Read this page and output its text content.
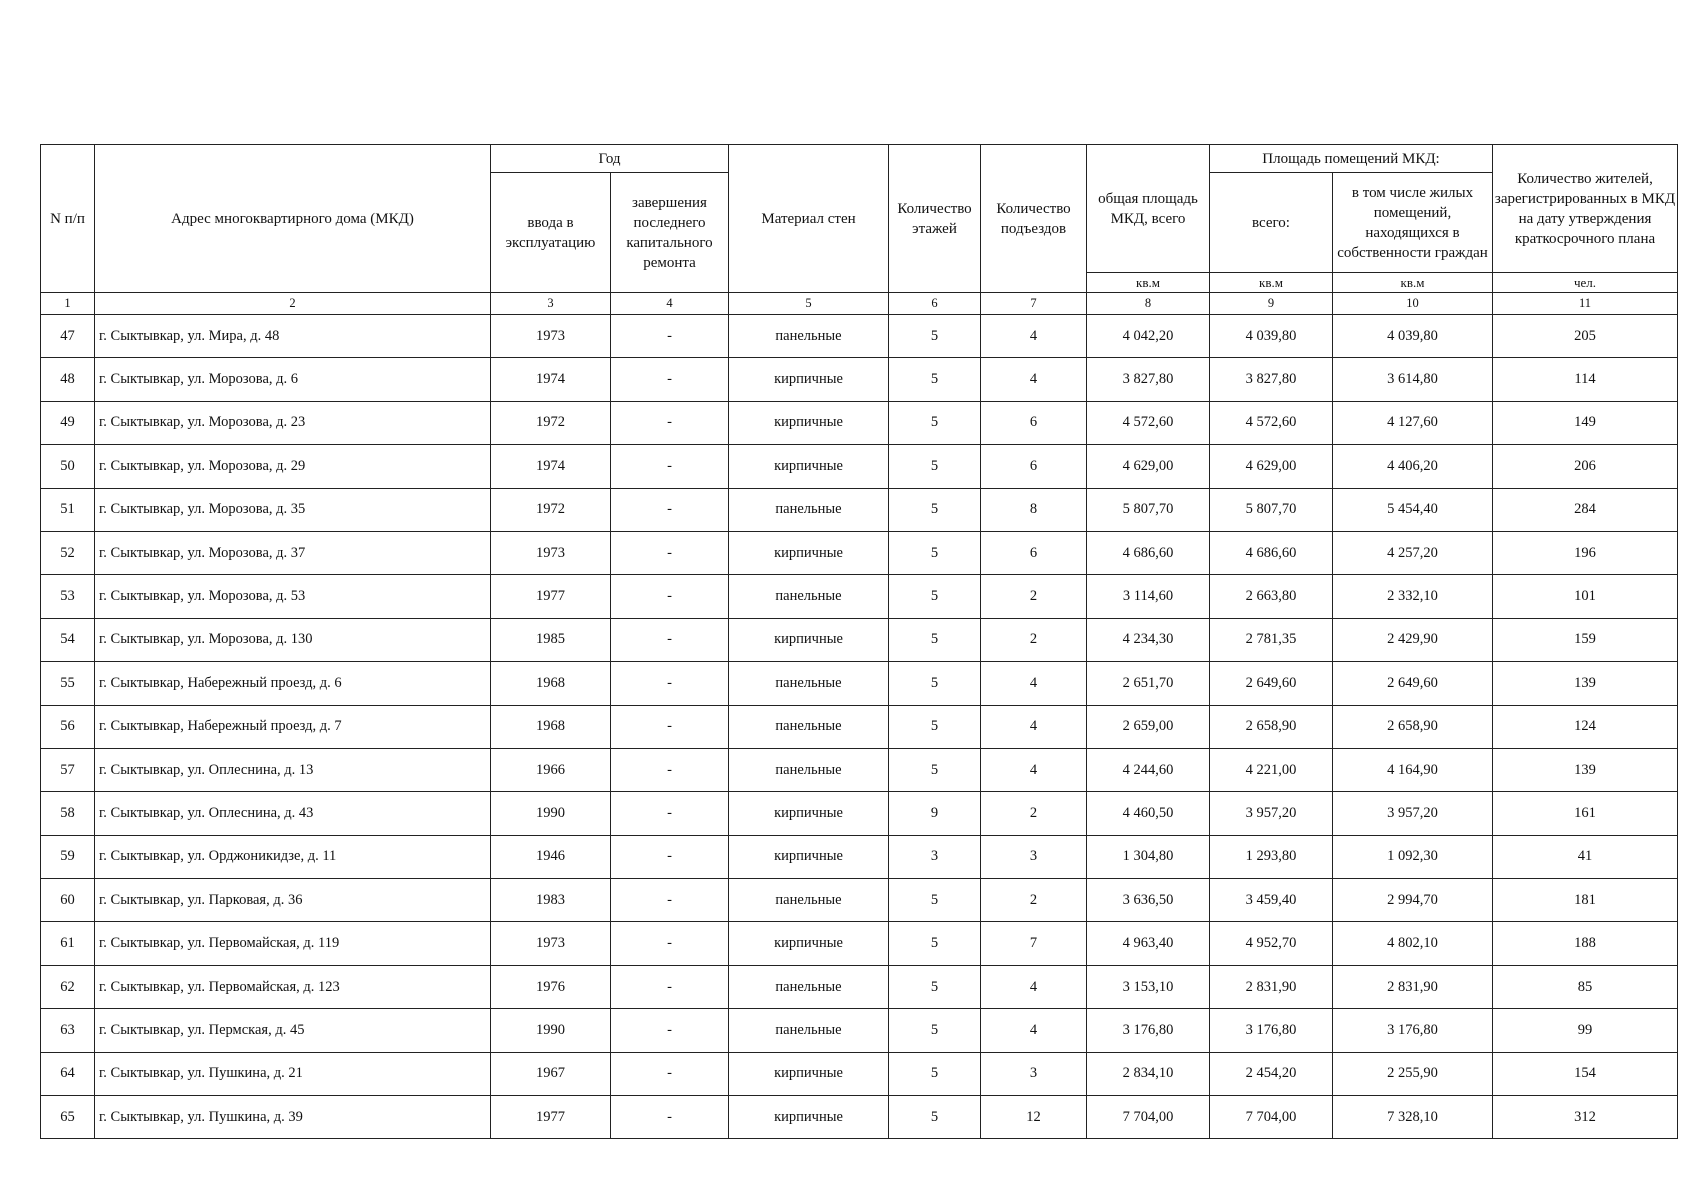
N п/п	Адрес многоквартирного дома (МКД)	Год		Материал стен	Количество этажей	Количество подъездов	общая площадь МКД, всего	Площадь помещений МКД:		Количество жителей, зарегистрированных в МКД на дату утверждения краткосрочного плана
		ввода в эксплуатацию	завершения последнего капитального ремонта					всего:	в том числе жилых помещений, находящихся в собственности граждан	
							кв.м	кв.м	кв.м	чел.
1	2	3	4	5	6	7	8	9	10	11
47	г. Сыктывкар, ул. Мира, д. 48	1973	-	панельные	5	4	4 042,20	4 039,80	4 039,80	205
48	г. Сыктывкар, ул. Морозова, д. 6	1974	-	кирпичные	5	4	3 827,80	3 827,80	3 614,80	114
49	г. Сыктывкар, ул. Морозова, д. 23	1972	-	кирпичные	5	6	4 572,60	4 572,60	4 127,60	149
50	г. Сыктывкар, ул. Морозова, д. 29	1974	-	кирпичные	5	6	4 629,00	4 629,00	4 406,20	206
51	г. Сыктывкар, ул. Морозова, д. 35	1972	-	панельные	5	8	5 807,70	5 807,70	5 454,40	284
52	г. Сыктывкар, ул. Морозова, д. 37	1973	-	кирпичные	5	6	4 686,60	4 686,60	4 257,20	196
53	г. Сыктывкар, ул. Морозова, д. 53	1977	-	панельные	5	2	3 114,60	2 663,80	2 332,10	101
54	г. Сыктывкар, ул. Морозова, д. 130	1985	-	кирпичные	5	2	4 234,30	2 781,35	2 429,90	159
55	г. Сыктывкар, Набережный проезд, д. 6	1968	-	панельные	5	4	2 651,70	2 649,60	2 649,60	139
56	г. Сыктывкар, Набережный проезд, д. 7	1968	-	панельные	5	4	2 659,00	2 658,90	2 658,90	124
57	г. Сыктывкар, ул. Оплеснина, д. 13	1966	-	панельные	5	4	4 244,60	4 221,00	4 164,90	139
58	г. Сыктывкар, ул. Оплеснина, д. 43	1990	-	кирпичные	9	2	4 460,50	3 957,20	3 957,20	161
59	г. Сыктывкар, ул. Орджоникидзе, д. 11	1946	-	кирпичные	3	3	1 304,80	1 293,80	1 092,30	41
60	г. Сыктывкар, ул. Парковая, д. 36	1983	-	панельные	5	2	3 636,50	3 459,40	2 994,70	181
61	г. Сыктывкар, ул. Первомайская, д. 119	1973	-	кирпичные	5	7	4 963,40	4 952,70	4 802,10	188
62	г. Сыктывкар, ул. Первомайская, д. 123	1976	-	панельные	5	4	3 153,10	2 831,90	2 831,90	85
63	г. Сыктывкар, ул. Пермская, д. 45	1990	-	панельные	5	4	3 176,80	3 176,80	3 176,80	99
64	г. Сыктывкар, ул. Пушкина, д. 21	1967	-	кирпичные	5	3	2 834,10	2 454,20	2 255,90	154
65	г. Сыктывкар, ул. Пушкина, д. 39	1977	-	кирпичные	5	12	7 704,00	7 704,00	7 328,10	312
